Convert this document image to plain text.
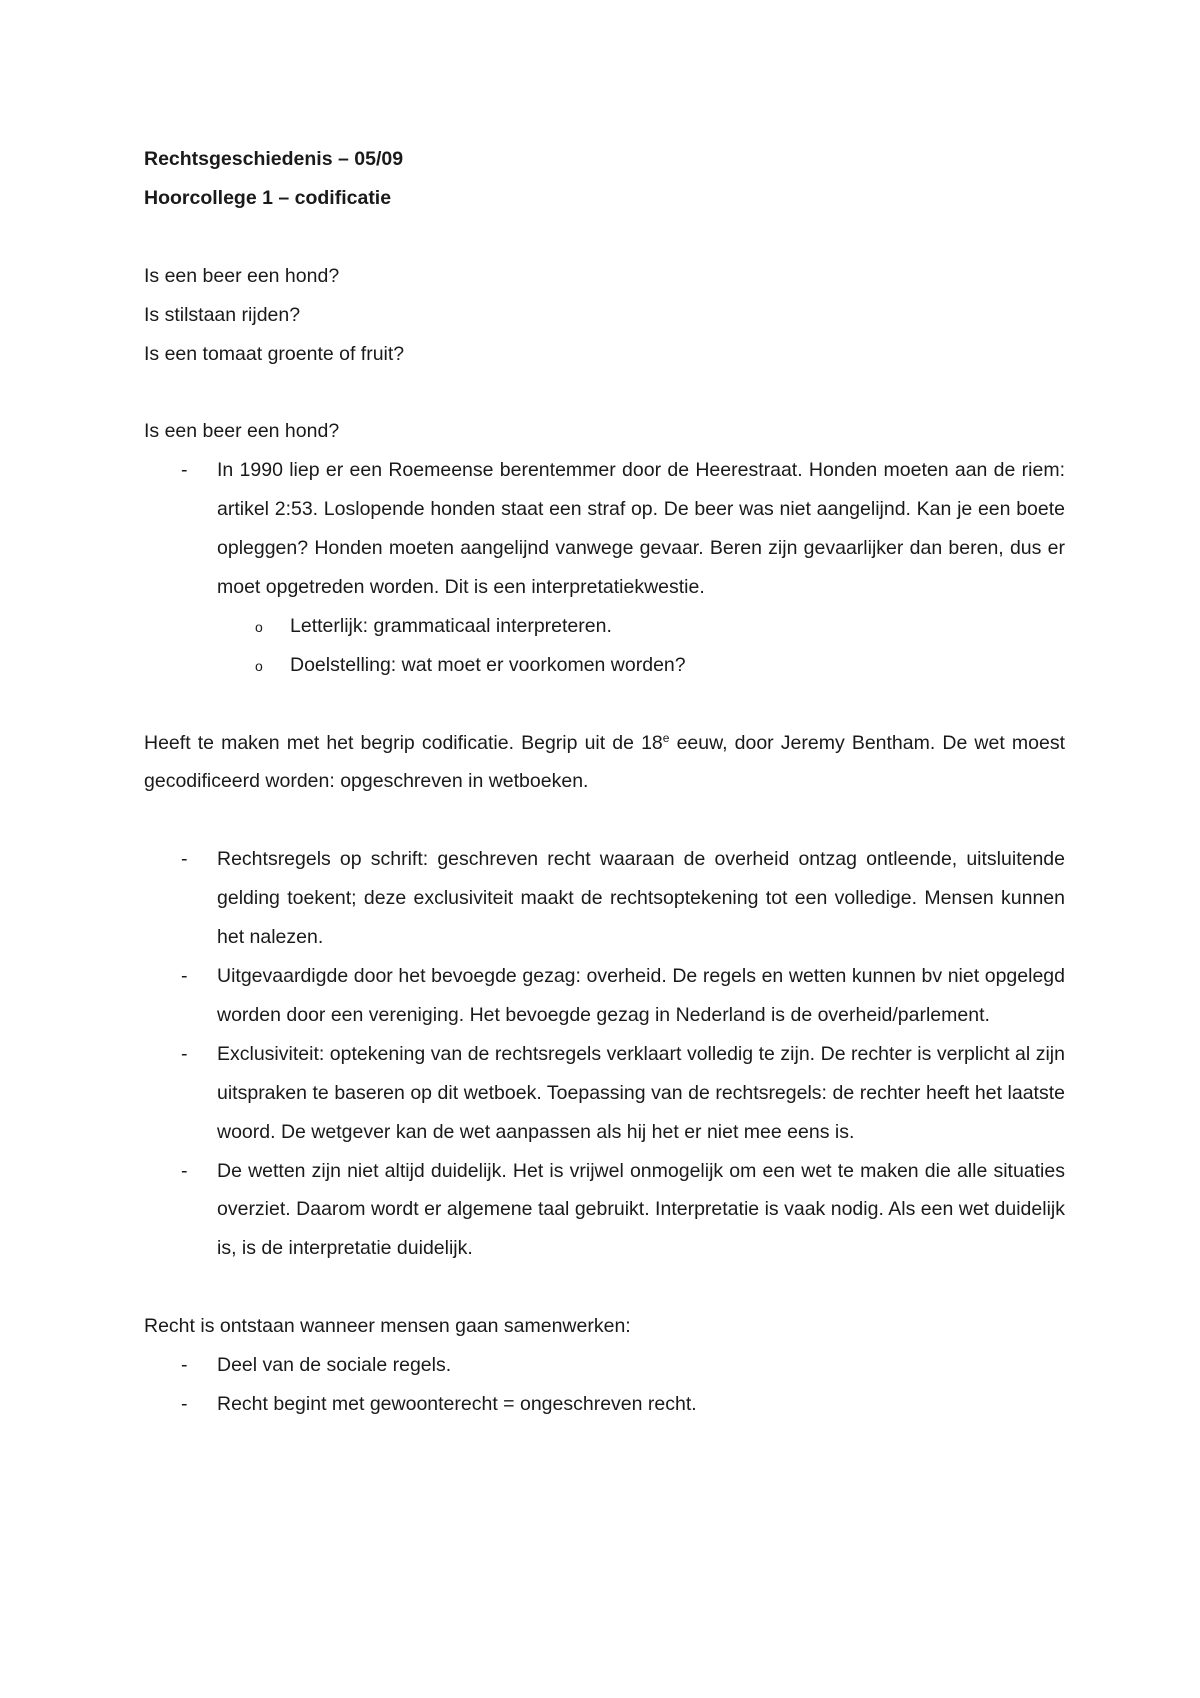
Rechtsgeschiedenis – 05/09

Hoorcollege 1 – codificatie

Is een beer een hond?

Is stilstaan rijden?

Is een tomaat groente of fruit?

Is een beer een hond?

- In 1990 liep er een Roemeense berentemmer door de Heerestraat. Honden moeten aan de riem: artikel 2:53. Loslopende honden staat een straf op. De beer was niet aangelijnd. Kan je een boete opleggen? Honden moeten aangelijnd vanwege gevaar. Beren zijn gevaarlijker dan beren, dus er moet opgetreden worden. Dit is een interpretatiekwestie.
o Letterlijk: grammaticaal interpreteren.
o Doelstelling: wat moet er voorkomen worden?

Heeft te maken met het begrip codificatie. Begrip uit de 18e eeuw, door Jeremy Bentham. De wet moest gecodificeerd worden: opgeschreven in wetboeken.

- Rechtsregels op schrift: geschreven recht waaraan de overheid ontzag ontleende, uitsluitende gelding toekent; deze exclusiviteit maakt de rechtsoptekening tot een volledige. Mensen kunnen het nalezen.
- Uitgevaardigde door het bevoegde gezag: overheid. De regels en wetten kunnen bv niet opgelegd worden door een vereniging. Het bevoegde gezag in Nederland is de overheid/parlement.
- Exclusiviteit: optekening van de rechtsregels verklaart volledig te zijn. De rechter is verplicht al zijn uitspraken te baseren op dit wetboek. Toepassing van de rechtsregels: de rechter heeft het laatste woord. De wetgever kan de wet aanpassen als hij het er niet mee eens is.
- De wetten zijn niet altijd duidelijk. Het is vrijwel onmogelijk om een wet te maken die alle situaties overziet. Daarom wordt er algemene taal gebruikt. Interpretatie is vaak nodig. Als een wet duidelijk is, is de interpretatie duidelijk.

Recht is ontstaan wanneer mensen gaan samenwerken:

- Deel van de sociale regels.
- Recht begint met gewoonterecht = ongeschreven recht.
